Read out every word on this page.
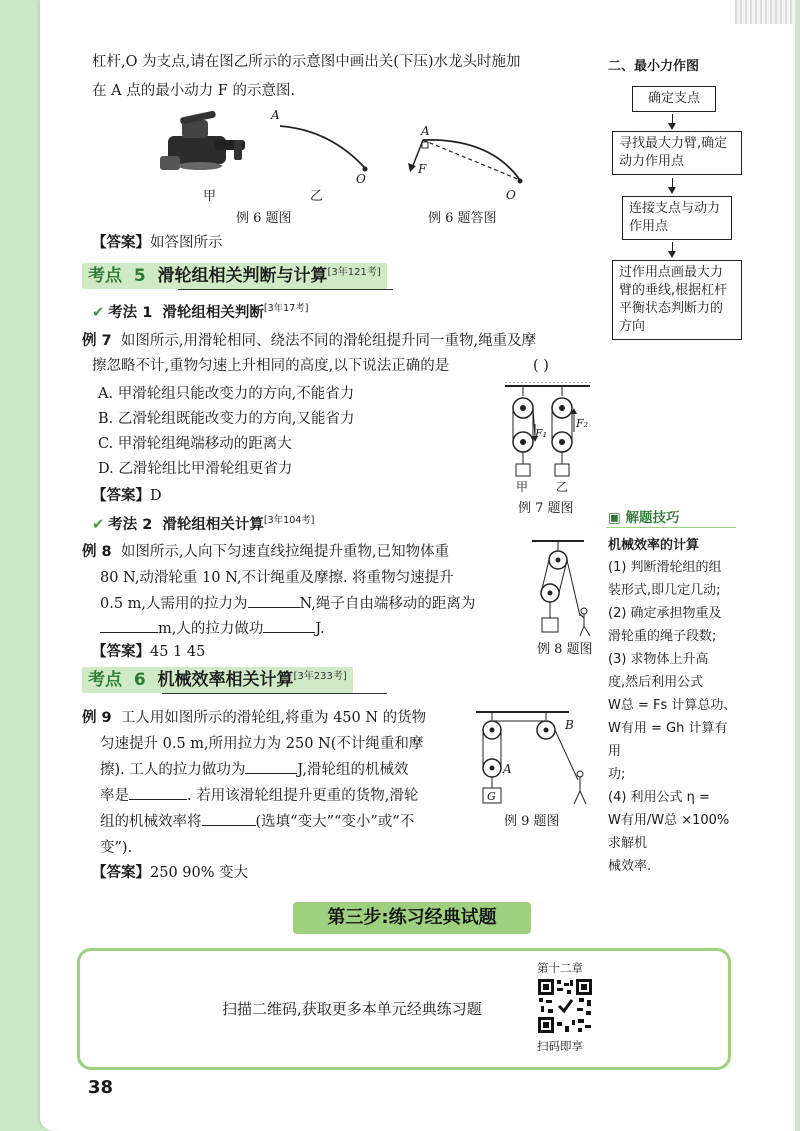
杠杆,O 为支点,请在图乙所示的示意图中画出关(下压)水龙头时施加
在 A 点的最小动力 F 的示意图.
A
O
A
F
O
甲	乙
例 6 题图	例 6 题答图
【答案】如答图所示
二、最小力作图
确定支点
寻找最大力臂,确定动力作用点
连接支点与动力作用点
过作用点画最大力臂的垂线,根据杠杆平衡状态判断力的方向
考点 5 滑轮组相关判断与计算[3年121考]
✔ 考法 1 滑轮组相关判断[3年17考]
例 7 如图所示,用滑轮相同、绕法不同的滑轮组提升同一重物,绳重及摩
擦忽略不计,重物匀速上升相同的高度,以下说法正确的是	( )
A. 甲滑轮组只能改变力的方向,不能省力
B. 乙滑轮组既能改变力的方向,又能省力
C. 甲滑轮组绳端移动的距离大
D. 乙滑轮组比甲滑轮组更省力
【答案】D
F₁
F₂
甲 乙
例 7 题图
▣ 解题技巧
机械效率的计算
(1) 判断滑轮组的组
装形式,即几定几动;
(2) 确定承担物重及
滑轮重的绳子段数;
(3) 求物体上升高
度,然后利用公式
W总 = Fs 计算总功、
W有用 = Gh 计算有用
功;
(4) 利用公式 η =
W有用/W总 ×100% 求解机
械效率.
✔ 考法 2 滑轮组相关计算[3年104考]
例 8 如图所示,人向下匀速直线拉绳提升重物,已知物体重
80 N,动滑轮重 10 N,不计绳重及摩擦. 将重物匀速提升
0.5 m,人需用的拉力为	N,绳子自由端移动的距离为
m,人的拉力做功	J.
【答案】45 1 45	例 8 题图
考点 6 机械效率相关计算[3年233考]
例 9 工人用如图所示的滑轮组,将重为 450 N 的货物
匀速提升 0.5 m,所用拉力为 250 N(不计绳重和摩
擦). 工人的拉力做功为	J,滑轮组的机械效
率是	. 若用该滑轮组提升更重的货物,滑轮
组的机械效率将	(选填“变大”“变小”或“不
变”).
【答案】250 90% 变大
B
A
G
例 9 题图
第三步:练习经典试题
扫描二维码,获取更多本单元经典练习题
第十二章
扫码即享
38
